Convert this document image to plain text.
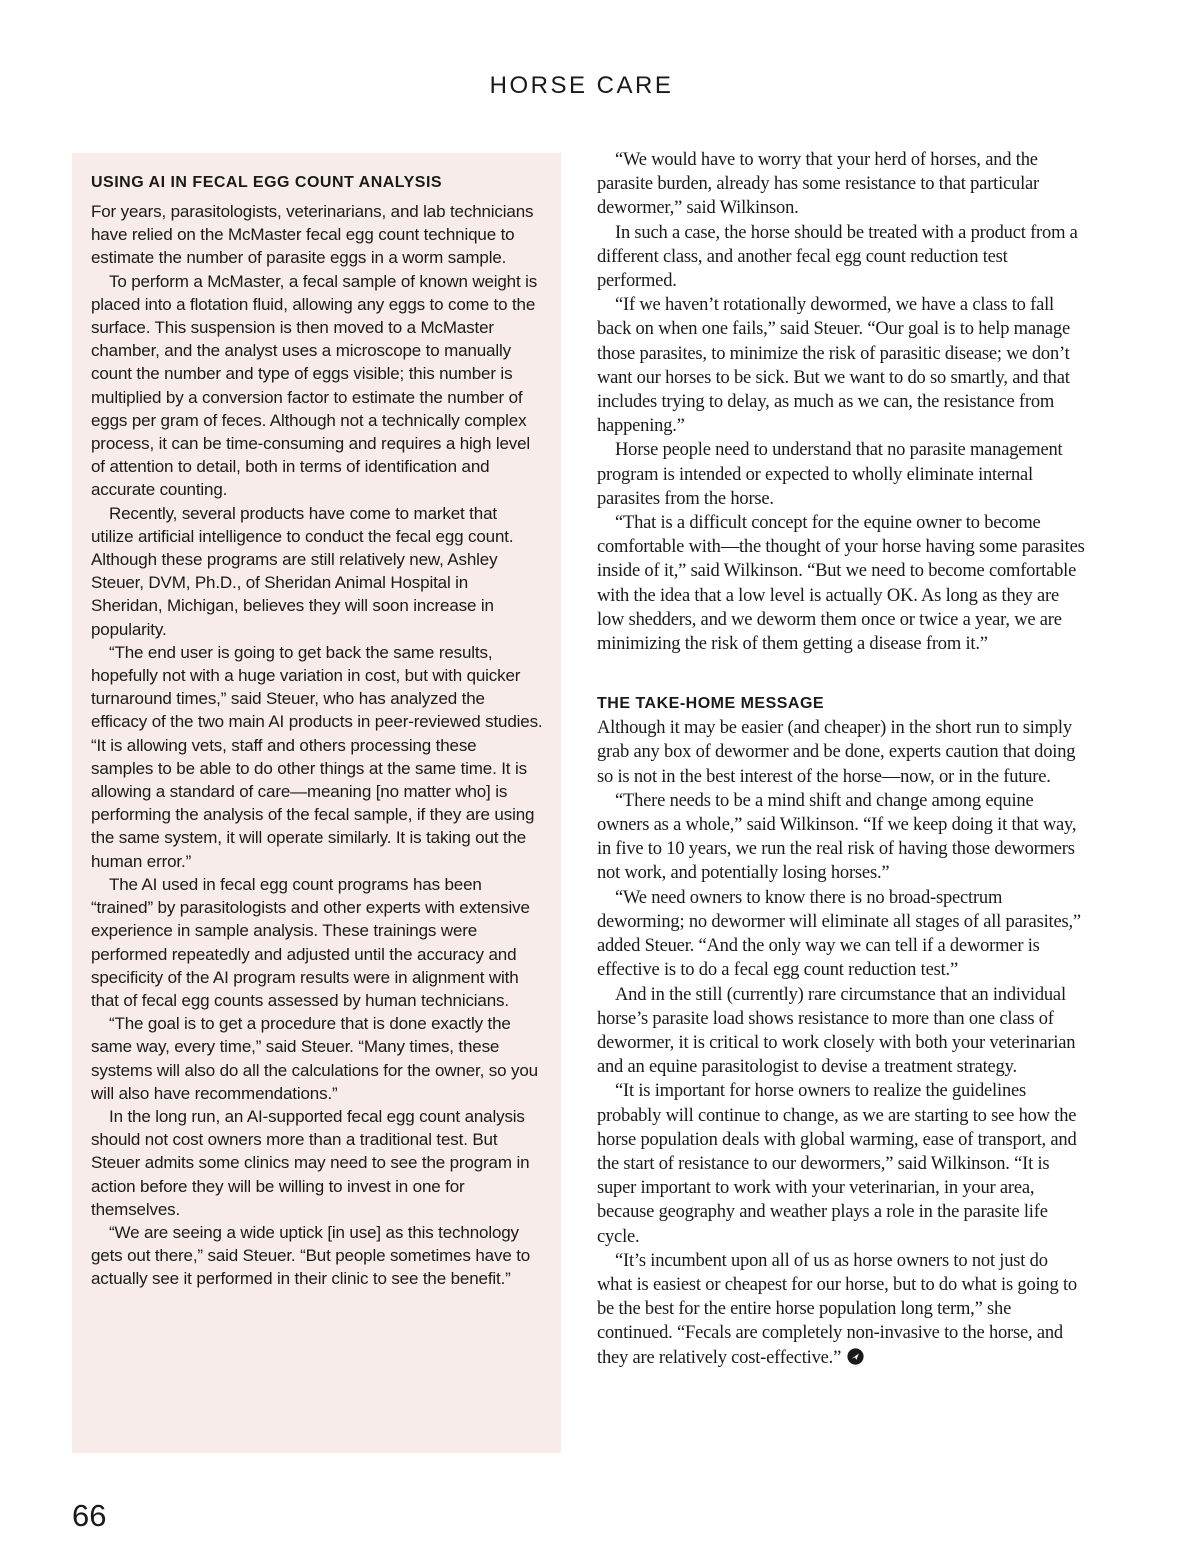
HORSE CARE
USING AI IN FECAL EGG COUNT ANALYSIS

For years, parasitologists, veterinarians, and lab technicians have relied on the McMaster fecal egg count technique to estimate the number of parasite eggs in a worm sample.

To perform a McMaster, a fecal sample of known weight is placed into a flotation fluid, allowing any eggs to come to the surface. This suspension is then moved to a McMaster chamber, and the analyst uses a microscope to manually count the number and type of eggs visible; this number is multiplied by a conversion factor to estimate the number of eggs per gram of feces. Although not a technically complex process, it can be time-consuming and requires a high level of attention to detail, both in terms of identification and accurate counting.

Recently, several products have come to market that utilize artificial intelligence to conduct the fecal egg count. Although these programs are still relatively new, Ashley Steuer, DVM, Ph.D., of Sheridan Animal Hospital in Sheridan, Michigan, believes they will soon increase in popularity.

“The end user is going to get back the same results, hopefully not with a huge variation in cost, but with quicker turnaround times,” said Steuer, who has analyzed the efficacy of the two main AI products in peer-reviewed studies. “It is allowing vets, staff and others processing these samples to be able to do other things at the same time. It is allowing a standard of care—meaning [no matter who] is performing the analysis of the fecal sample, if they are using the same system, it will operate similarly. It is taking out the human error.”

The AI used in fecal egg count programs has been “trained” by parasitologists and other experts with extensive experience in sample analysis. These trainings were performed repeatedly and adjusted until the accuracy and specificity of the AI program results were in alignment with that of fecal egg counts assessed by human technicians.

“The goal is to get a procedure that is done exactly the same way, every time,” said Steuer. “Many times, these systems will also do all the calculations for the owner, so you will also have recommendations.”

In the long run, an AI-supported fecal egg count analysis should not cost owners more than a traditional test. But Steuer admits some clinics may need to see the program in action before they will be willing to invest in one for themselves.

“We are seeing a wide uptick [in use] as this technology gets out there,” said Steuer. “But people sometimes have to actually see it performed in their clinic to see the benefit.”

“We would have to worry that your herd of horses, and the parasite burden, already has some resistance to that particular dewormer,” said Wilkinson.

In such a case, the horse should be treated with a product from a different class, and another fecal egg count reduction test performed.

“If we haven’t rotationally dewormed, we have a class to fall back on when one fails,” said Steuer. “Our goal is to help manage those parasites, to minimize the risk of parasitic disease; we don’t want our horses to be sick. But we want to do so smartly, and that includes trying to delay, as much as we can, the resistance from happening.”

Horse people need to understand that no parasite management program is intended or expected to wholly eliminate internal parasites from the horse.

“That is a difficult concept for the equine owner to become comfortable with—the thought of your horse having some parasites inside of it,” said Wilkinson. “But we need to become comfortable with the idea that a low level is actually OK. As long as they are low shedders, and we deworm them once or twice a year, we are minimizing the risk of them getting a disease from it.”

THE TAKE-HOME MESSAGE

Although it may be easier (and cheaper) in the short run to simply grab any box of dewormer and be done, experts caution that doing so is not in the best interest of the horse—now, or in the future.

“There needs to be a mind shift and change among equine owners as a whole,” said Wilkinson. “If we keep doing it that way, in five to 10 years, we run the real risk of having those dewormers not work, and potentially losing horses.”

“We need owners to know there is no broad-spectrum deworming; no dewormer will eliminate all stages of all parasites,” added Steuer. “And the only way we can tell if a dewormer is effective is to do a fecal egg count reduction test.”

And in the still (currently) rare circumstance that an individual horse’s parasite load shows resistance to more than one class of dewormer, it is critical to work closely with both your veterinarian and an equine parasitologist to devise a treatment strategy.

“It is important for horse owners to realize the guidelines probably will continue to change, as we are starting to see how the horse population deals with global warming, ease of transport, and the start of resistance to our dewormers,” said Wilkinson. “It is super important to work with your veterinarian, in your area, because geography and weather plays a role in the parasite life cycle.

“It’s incumbent upon all of us as horse owners to not just do what is easiest or cheapest for our horse, but to do what is going to be the best for the entire horse population long term,” she continued. “Fecals are completely non-invasive to the horse, and they are relatively cost-effective.”

66
